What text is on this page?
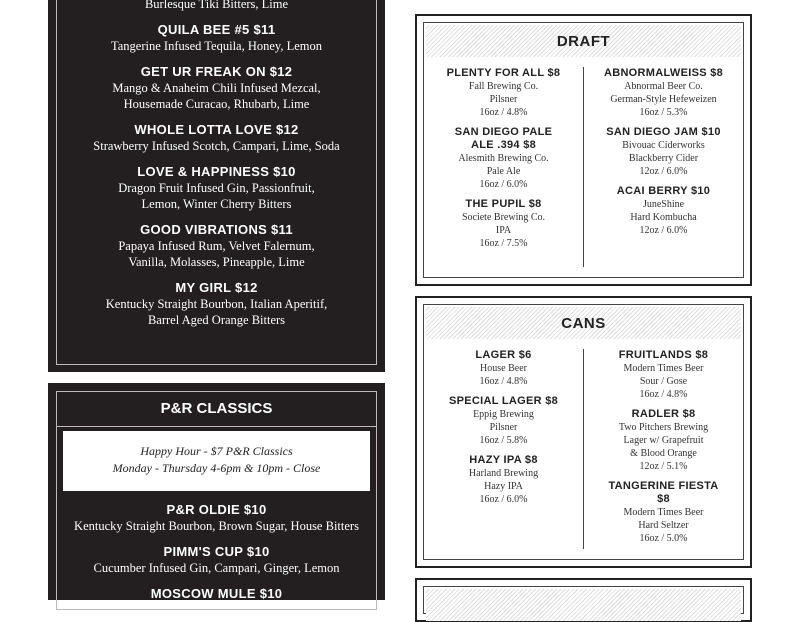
Burlesque Tiki Bitters, Lime
QUILA BEE #5 $11
Tangerine Infused Tequila, Honey, Lemon
GET UR FREAK ON $12
Mango & Anaheim Chili Infused Mezcal,
Housemade Curacao, Rhubarb, Lime
WHOLE LOTTA LOVE $12
Strawberry Infused Scotch, Campari, Lime, Soda
LOVE & HAPPINESS $10
Dragon Fruit Infused Gin, Passionfruit,
Lemon, Winter Cherry Bitters
GOOD VIBRATIONS $11
Papaya Infused Rum, Velvet Falernum,
Vanilla, Molasses, Pineapple, Lime
MY GIRL $12
Kentucky Straight Bourbon, Italian Aperitif,
Barrel Aged Orange Bitters
P&R CLASSICS
Happy Hour - $7 P&R Classics
Monday - Thursday 4-6pm & 10pm - Close
P&R OLDIE $10
Kentucky Straight Bourbon, Brown Sugar, House Bitters
PIMM'S CUP $10
Cucumber Infused Gin, Campari, Ginger, Lemon
MOSCOW MULE $10
DRAFT
PLENTY FOR ALL $8
Fall Brewing Co.
Pilsner
16oz / 4.8%
SAN DIEGO PALE ALE .394 $8
Alesmith Brewing Co.
Pale Ale
16oz / 6.0%
THE PUPIL $8
Societe Brewing Co.
IPA
16oz / 7.5%
ABNORMALWEISS $8
Abnormal Beer Co.
German-Style Hefeweizen
16oz / 5.3%
SAN DIEGO JAM $10
Bivouac Ciderworks
Blackberry Cider
12oz / 6.0%
ACAI BERRY $10
JuneShine
Hard Kombucha
12oz / 6.0%
CANS
LAGER $6
House Beer
16oz / 4.8%
SPECIAL LAGER $8
Eppig Brewing
Pilsner
16oz / 5.8%
HAZY IPA $8
Harland Brewing
Hazy IPA
16oz / 6.0%
FRUITLANDS $8
Modern Times Beer
Sour / Gose
16oz / 4.8%
RADLER $8
Two Pitchers Brewing
Lager w/ Grapefruit
& Blood Orange
12oz / 5.1%
TANGERINE FIESTA $8
Modern Times Beer
Hard Seltzer
16oz / 5.0%
